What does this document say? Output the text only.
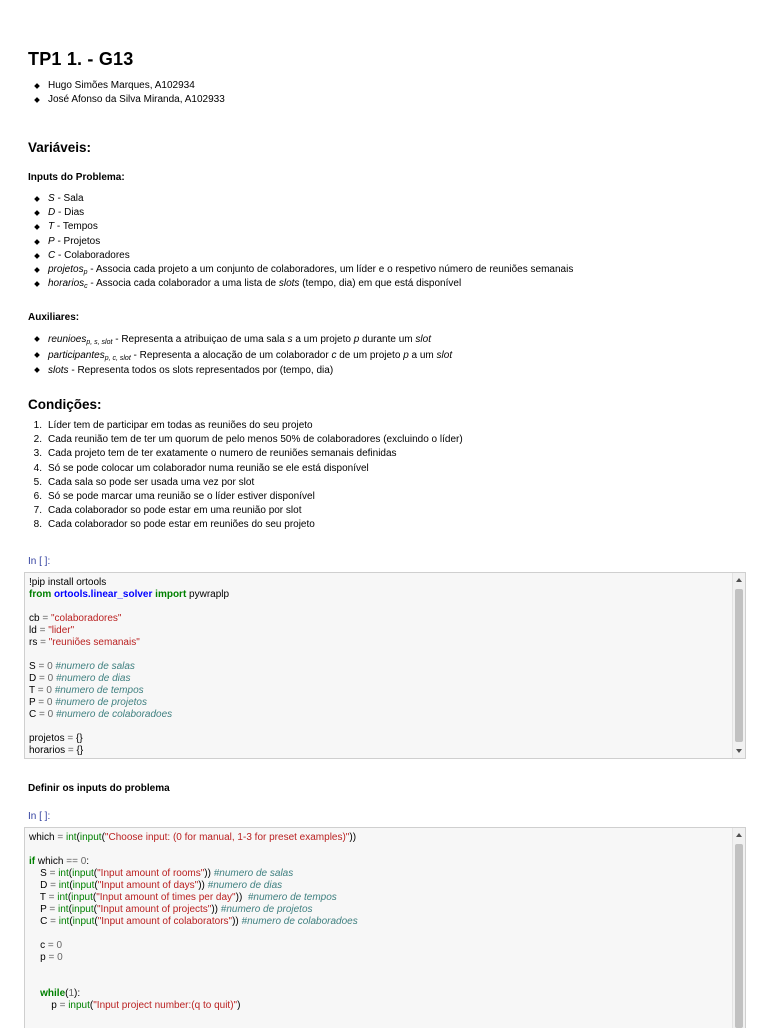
TP1 1. - G13
Hugo Simões Marques, A102934
José Afonso da Silva Miranda, A102933
Variáveis:
Inputs do Problema:
S - Sala
D - Dias
T - Tempos
P - Projetos
C - Colaboradores
projetos$_p$ - Associa cada projeto a um conjunto de colaboradores, um líder e o respetivo número de reuniões semanais
horarios$_c$ - Associa cada colaborador a uma lista de slots (tempo, dia) em que está disponível
Auxiliares:
reunioes$_{p, s, slot}$ - Representa a atribuiçao de uma sala s a um projeto p durante um slot
participantes$_{p, c, slot}$ - Representa a alocação de um colaborador c de um projeto p a um slot
slots - Representa todos os slots representados por (tempo, dia)
Condições:
1. Líder tem de participar em todas as reuniões do seu projeto
2. Cada reunião tem de ter um quorum de pelo menos 50% de colaboradores (excluindo o líder)
3. Cada projeto tem de ter exatamente o numero de reuniões semanais definidas
4. Só se pode colocar um colaborador numa reunião se ele está disponível
5. Cada sala so pode ser usada uma vez por slot
6. Só se pode marcar uma reunião se o líder estiver disponível
7. Cada colaborador so pode estar em uma reunião por slot
8. Cada colaborador so pode estar em reuniões do seu projeto
In [ ]:
!pip install ortools
from ortools.linear_solver import pywraplp

cb = "colaboradores"
ld = "lider"
rs = "reuniões semanais"

S = 0 #numero de salas
D = 0 #numero de dias
T = 0 #numero de tempos
P = 0 #numero de projetos
C = 0 #numero de colaboradoes

projetos = {}
horarios = {}
Definir os inputs do problema
In [ ]:
which = int(input("Choose input: (0 for manual, 1-3 for preset examples)"))

if which == 0:
S = int(input("Input amount of rooms")) #numero de salas
D = int(input("Input amount of days")) #numero de dias
T = int(input("Input amount of times per day")) #numero de tempos
P = int(input("Input amount of projects")) #numero de projetos
C = int(input("Input amount of colaborators")) #numero de colaboradoes

c = 0
p = 0

while(1):
p = input("Input project number:(q to quit)")
